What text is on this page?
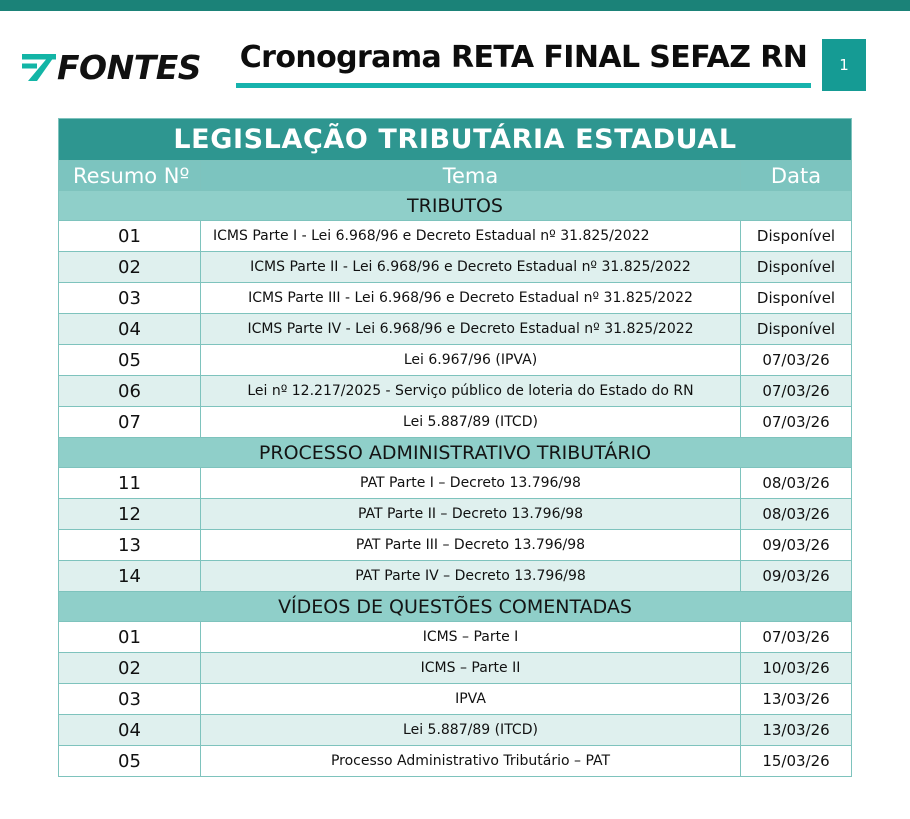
FONTES Cronograma RETA FINAL SEFAZ RN	1
LEGISLAÇÃO TRIBUTÁRIA ESTADUAL		
Resumo Nº	Tema	Data
TRIBUTOS		
01	ICMS Parte I - Lei 6.968/96 e Decreto Estadual nº 31.825/2022	Disponível
02	ICMS Parte II - Lei 6.968/96 e Decreto Estadual nº 31.825/2022	Disponível
03	ICMS Parte III - Lei 6.968/96 e Decreto Estadual nº 31.825/2022	Disponível
04	ICMS Parte IV - Lei 6.968/96 e Decreto Estadual nº 31.825/2022	Disponível
05	Lei 6.967/96 (IPVA)	07/03/26
06	Lei nº 12.217/2025 - Serviço público de loteria do Estado do RN	07/03/26
07	Lei 5.887/89 (ITCD)	07/03/26
PROCESSO ADMINISTRATIVO TRIBUTÁRIO		
11	PAT Parte I – Decreto 13.796/98	08/03/26
12	PAT Parte II – Decreto 13.796/98	08/03/26
13	PAT Parte III – Decreto 13.796/98	09/03/26
14	PAT Parte IV – Decreto 13.796/98	09/03/26
VÍDEOS DE QUESTÕES COMENTADAS		
01	ICMS – Parte I	07/03/26
02	ICMS – Parte II	10/03/26
03	IPVA	13/03/26
04	Lei 5.887/89 (ITCD)	13/03/26
05	Processo Administrativo Tributário – PAT	15/03/26
